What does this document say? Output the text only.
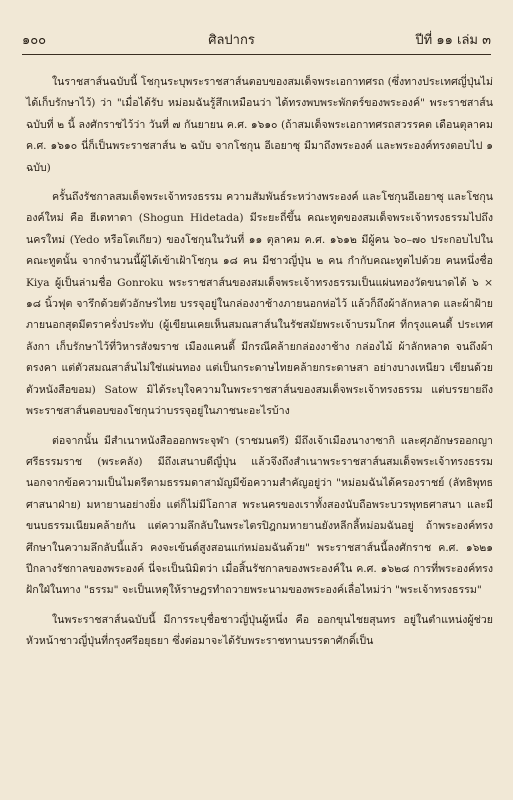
๑๐๐	ศิลปากร	ปีที่ ๑๑ เล่ม ๓

ในราชสาส์นฉบับนี้ โชกุนระบุพระราชสาส์นตอบของสมเด็จพระเอกาทศรถ (ซึ่งทางประเทศญี่ปุ่นไม่ได้เก็บรักษาไว้) ว่า "เมื่อได้รับ หม่อมฉันรู้สึกเหมือนว่า ได้ทรงพบพระพักตร์ของพระองค์" พระราชสาส์นฉบับที่ ๒ นี้ ลงศักราชไว้ว่า วันที่ ๗ กันยายน ค.ศ. ๑๖๑๐ (ถ้าสมเด็จพระเอกาทศรถสวรรคต เดือนตุลาคม ค.ศ. ๑๖๑๐ นี่ก็เป็นพระราชสาส์น ๒ ฉบับ จากโชกุน อีเอยาซุ มีมาถึงพระองค์ และพระองค์ทรงตอบไป ๑ ฉบับ)

ครั้นถึงรัชกาลสมเด็จพระเจ้าทรงธรรม ความสัมพันธ์ระหว่างพระองค์ และโชกุนอีเอยาซุ และโชกุนองค์ใหม่ คือ ฮีเดทาดา (Shogun Hidetada) มีระยะถี่ขึ้น คณะทูตของสมเด็จพระเจ้าทรงธรรมไปถึงนครใหม่ (Yedo หรือโตเกียว) ของโชกุนในวันที่ ๑๑ ตุลาคม ค.ศ. ๑๖๑๒ มีผู้คน ๖๐–๗๐ ประกอบไปในคณะทูตนั้น จากจำนวนนี้ผู้ได้เข้าเฝ้าโชกุน ๑๘ คน มีชาวญี่ปุ่น ๒ คน กำกับคณะทูตไปด้วย คนหนึ่งชื่อ Kiya ผู้เป็นล่ามชื่อ Gonroku พระราชสาส์นของสมเด็จพระเจ้าทรงธรรมเป็นแผ่นทองวัดขนาดได้ ๖ × ๑๘ นิ้วฟุต จารึกด้วยตัวอักษรไทย บรรจุอยู่ในกล่องงาช้างภายนอกห่อไว้ แล้วก็ถึงผ้าลักหลาด และผ้าฝ้าย ภายนอกสุดมีตราครั่งประทับ (ผู้เขียนเคยเห็นสมณสาส์นในรัชสมัยพระเจ้าบรมโกศ ที่กรุงแคนดี้ ประเทศลังกา เก็บรักษาไว้ที่วิหารสังฆราช เมืองแคนดี้ มีกรณีคล้ายกล่องงาช้าง กล่องไม้ ผ้าลักหลาด จนถึงผ้าตรงคา แต่ตัวสมณสาส์นไม่ใช่แผ่นทอง แต่เป็นกระดาษไทยคล้ายกระดาษสา อย่างบางเหนียว เขียนด้วยตัวหนังสือขอม) Satow มิได้ระบุใจความในพระราชสาส์นของสมเด็จพระเจ้าทรงธรรม แต่บรรยายถึงพระราชสาส์นตอบของโชกุนว่าบรรจุอยู่ในภาชนะอะไรบ้าง

ต่อจากนั้น มีสำเนาหนังสือออกพระจุฬา (ราชมนตรี) มีถึงเจ้าเมืองนางาซากิ และศุภอักษรออกญาศรีธรรมราช (พระคลัง) มีถึงเสนาบดีญี่ปุ่น แล้วจึงถึงสำเนาพระราชสาส์นสมเด็จพระเจ้าทรงธรรม นอกจากข้อความเป็นไมตรีตามธรรมดาสามัญมีข้อความสำคัญอยู่ว่า "หม่อมฉันได้ครองราชย์ (ลัทธิพุทธศาสนาฝ่าย) มหายานอย่างยิ่ง แต่ก็ไม่มีโอกาส พระนครของเราทั้งสองนับถือพระบวรพุทธศาสนา และมีขนบธรรมเนียมคล้ายกัน แต่ความลึกลับในพระไตรปิฎกมหายานยังหลีกลี้หม่อมฉันอยู่ ถ้าพระองค์ทรงศึกษาในความลึกลับนี้แล้ว คงจะเข้นด์สูงสอนแก่หม่อมฉันด้วย" พระราชสาส์นนี้ลงศักราช ค.ศ. ๑๖๒๑ ปีกลางรัชกาลของพระองค์ นี่จะเป็นนิมิตว่า เมื่อสิ้นรัชกาลของพระองค์ใน ค.ศ. ๑๖๒๘ การที่พระองค์ทรงฝักใฝ่ในทาง "ธรรม" จะเป็นเหตุให้ราษฎรทำถวายพระนามของพระองค์เลื่อไหม่ว่า "พระเจ้าทรงธรรม"

ในพระราชสาส์นฉบับนี้ มีการระบุชื่อชาวญี่ปุ่นผู้หนึ่ง คือ ออกขุนไชยสุนทร อยู่ในตำแหน่งผู้ช่วยหัวหน้าชาวญี่ปุ่นที่กรุงศรีอยุธยา ซึ่งต่อมาจะได้รับพระราชทานบรรดาศักดิ์เป็น
